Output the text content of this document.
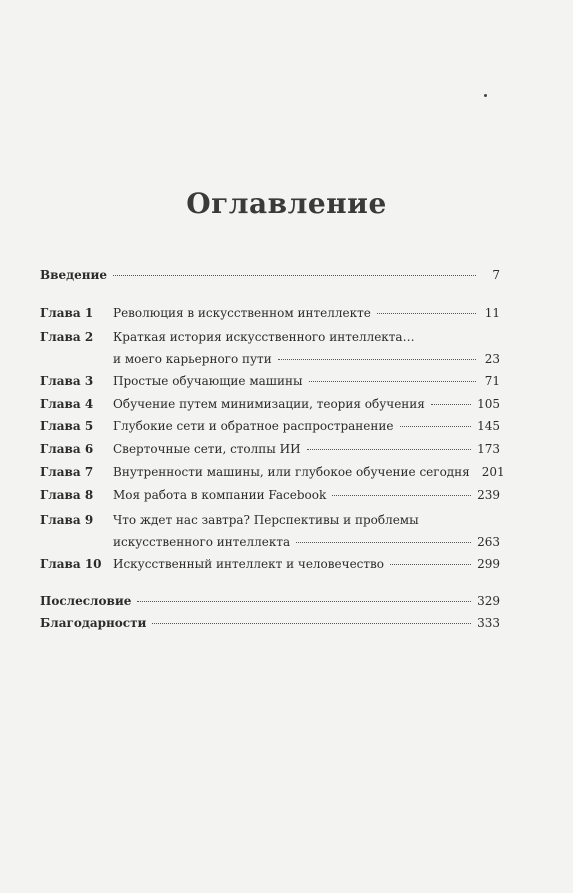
Оглавление
Введение	7
Глава 1	Революция в искусственном интеллекте	11
Глава 2	Краткая история искусственного интеллекта…
и моего карьерного пути	23
Глава 3	Простые обучающие машины	71
Глава 4	Обучение путем минимизации, теория обучения	105
Глава 5	Глубокие сети и обратное распространение	145
Глава 6	Сверточные сети, столпы ИИ	173
Глава 7	Внутренности машины, или глубокое обучение сегодня 201
Глава 8	Моя работа в компании Facebook	239
Глава 9	Что ждет нас завтра? Перспективы и проблемы
искусственного интеллекта	263
Глава 10 Искусственный интеллект и человечество	299
Послесловие	329
Благодарности	333
